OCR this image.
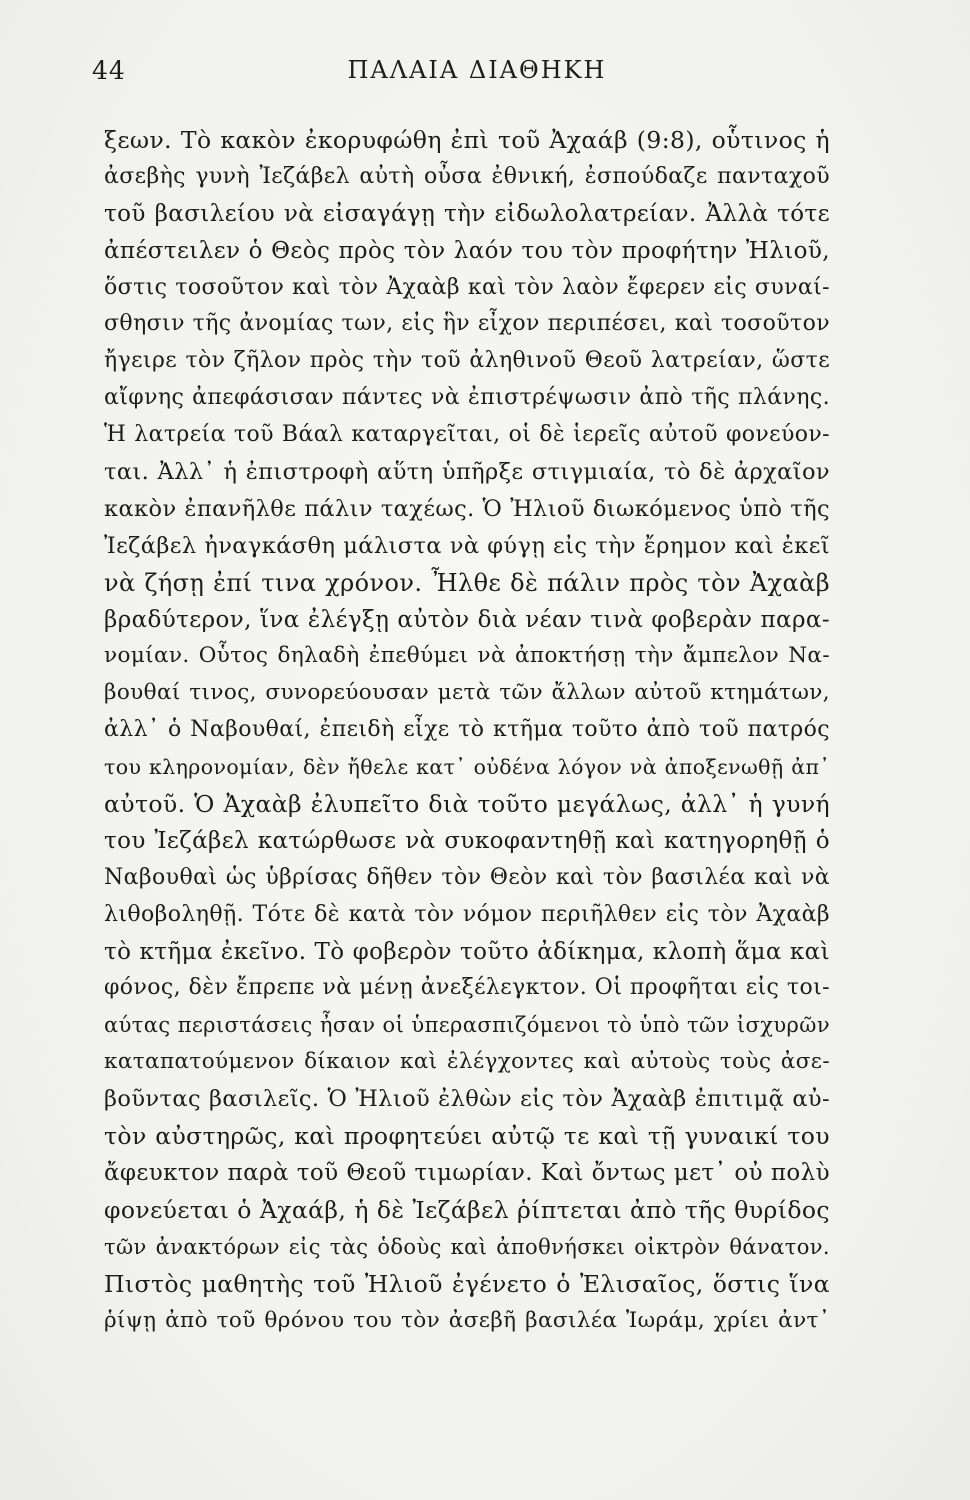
44	ΠΑΛΑΙΑ ΔΙΑΘΗΚΗ
ξεων. Τὸ κακὸν ἐκορυφώθη ἐπὶ τοῦ Ἀχαάβ (9:8), οὗτινος ἡ
ἀσεβὴς γυνὴ Ἰεζάβελ αὐτὴ οὖσα ἐθνική, ἐσπούδαζε πανταχοῦ
τοῦ βασιλείου νὰ εἰσαγάγῃ τὴν εἰδωλολατρείαν. Ἀλλὰ τότε
ἀπέστειλεν ὁ Θεὸς πρὸς τὸν λαόν του τὸν προφήτην Ἠλιοῦ,
ὅστις τοσοῦτον καὶ τὸν Ἀχαὰβ καὶ τὸν λαὸν ἔφερεν εἰς συναί-
σθησιν τῆς ἀνομίας των, εἰς ἣν εἶχον περιπέσει, καὶ τοσοῦτον
ἤγειρε τὸν ζῆλον πρὸς τὴν τοῦ ἀληθινοῦ Θεοῦ λατρείαν, ὥστε
αἴφνης ἀπεφάσισαν πάντες νὰ ἐπιστρέψωσιν ἀπὸ τῆς πλάνης.
Ἡ λατρεία τοῦ Βάαλ καταργεῖται, οἱ δὲ ἱερεῖς αὐτοῦ φονεύον-
ται. Ἀλλ᾽ ἡ ἐπιστροφὴ αὕτη ὑπῆρξε στιγμιαία, τὸ δὲ ἀρχαῖον
κακὸν ἐπανῆλθε πάλιν ταχέως. Ὁ Ἠλιοῦ διωκόμενος ὑπὸ τῆς
Ἰεζάβελ ἠναγκάσθη μάλιστα νὰ φύγῃ εἰς τὴν ἔρημον καὶ ἐκεῖ
νὰ ζήσῃ ἐπί τινα χρόνον. Ἦλθε δὲ πάλιν πρὸς τὸν Ἀχαὰβ
βραδύτερον, ἵνα ἐλέγξῃ αὐτὸν διὰ νέαν τινὰ φοβερὰν παρα-
νομίαν. Οὗτος δηλαδὴ ἐπεθύμει νὰ ἀποκτήσῃ τὴν ἄμπελον Να-
βουθαί τινος, συνορεύουσαν μετὰ τῶν ἄλλων αὐτοῦ κτημάτων,
ἀλλ᾽ ὁ Ναβουθαί, ἐπειδὴ εἶχε τὸ κτῆμα τοῦτο ἀπὸ τοῦ πατρός
του κληρονομίαν, δὲν ἤθελε κατ᾽ οὐδένα λόγον νὰ ἀποξενωθῇ ἀπ᾽
αὐτοῦ. Ὁ Ἀχαὰβ ἐλυπεῖτο διὰ τοῦτο μεγάλως, ἀλλ᾽ ἡ γυνή
του Ἰεζάβελ κατώρθωσε νὰ συκοφαντηθῇ καὶ κατηγορηθῇ ὁ
Ναβουθαὶ ὡς ὑβρίσας δῆθεν τὸν Θεὸν καὶ τὸν βασιλέα καὶ νὰ
λιθοβοληθῇ. Τότε δὲ κατὰ τὸν νόμον περιῆλθεν εἰς τὸν Ἀχαὰβ
τὸ κτῆμα ἐκεῖνο. Τὸ φοβερὸν τοῦτο ἀδίκημα, κλοπὴ ἅμα καὶ
φόνος, δὲν ἔπρεπε νὰ μένῃ ἀνεξέλεγκτον. Οἱ προφῆται εἰς τοι-
αύτας περιστάσεις ἦσαν οἱ ὑπερασπιζόμενοι τὸ ὑπὸ τῶν ἰσχυρῶν
καταπατούμενον δίκαιον καὶ ἐλέγχοντες καὶ αὐτοὺς τοὺς ἀσε-
βοῦντας βασιλεῖς. Ὁ Ἠλιοῦ ἐλθὼν εἰς τὸν Ἀχαὰβ ἐπιτιμᾷ αὐ-
τὸν αὐστηρῶς, καὶ προφητεύει αὐτῷ τε καὶ τῇ γυναικί του
ἄφευκτον παρὰ τοῦ Θεοῦ τιμωρίαν. Καὶ ὄντως μετ᾽ οὐ πολὺ
φονεύεται ὁ Ἀχαάβ, ἡ δὲ Ἰεζάβελ ῥίπτεται ἀπὸ τῆς θυρίδος
τῶν ἀνακτόρων εἰς τὰς ὁδοὺς καὶ ἀποθνήσκει οἰκτρὸν θάνατον.
Πιστὸς μαθητὴς τοῦ Ἠλιοῦ ἐγένετο ὁ Ἐλισαῖος, ὅστις ἵνα
ῥίψῃ ἀπὸ τοῦ θρόνου του τὸν ἀσεβῆ βασιλέα Ἰωράμ, χρίει ἀντ᾽
